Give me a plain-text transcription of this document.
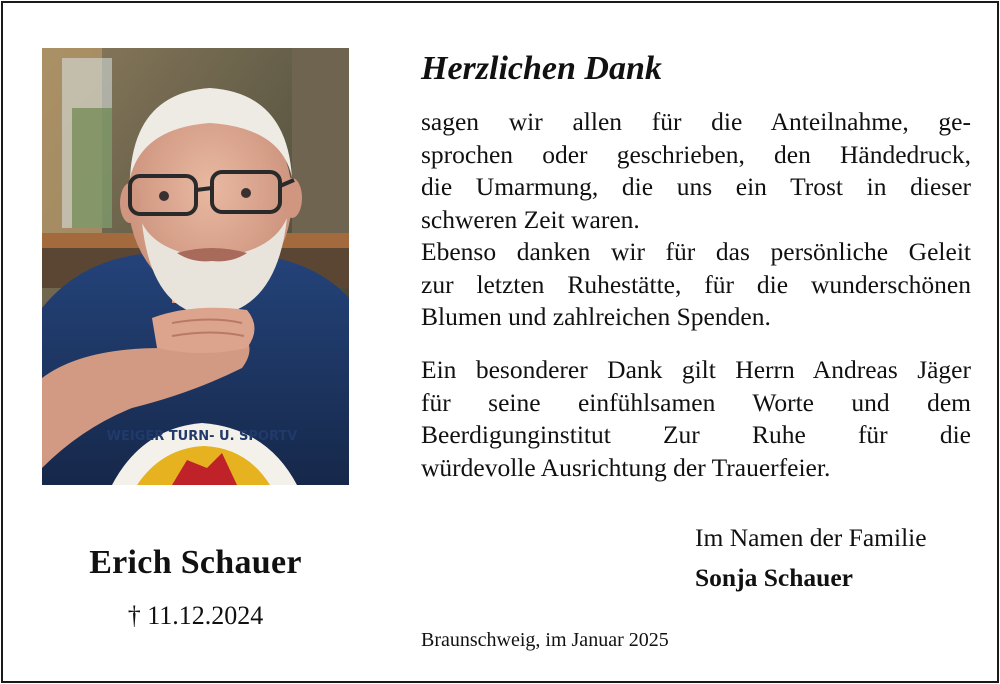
WEIGER TURN- U. SPORTV
Erich Schauer
† 11.12.2024
Herzlichen Dank
sagen wir allen für die Anteilnahme, ge-
sprochen oder geschrieben, den Händedruck,
die Umarmung, die uns ein Trost in dieser
schweren Zeit waren.
Ebenso danken wir für das persönliche Geleit
zur letzten Ruhestätte, für die wunderschönen
Blumen und zahlreichen Spenden.
Ein besonderer Dank gilt Herrn Andreas Jäger
für seine einfühlsamen Worte und dem
Beerdigunginstitut Zur Ruhe für die
würdevolle Ausrichtung der Trauerfeier.
Im Namen der Familie
Sonja Schauer
Braunschweig, im Januar 2025
